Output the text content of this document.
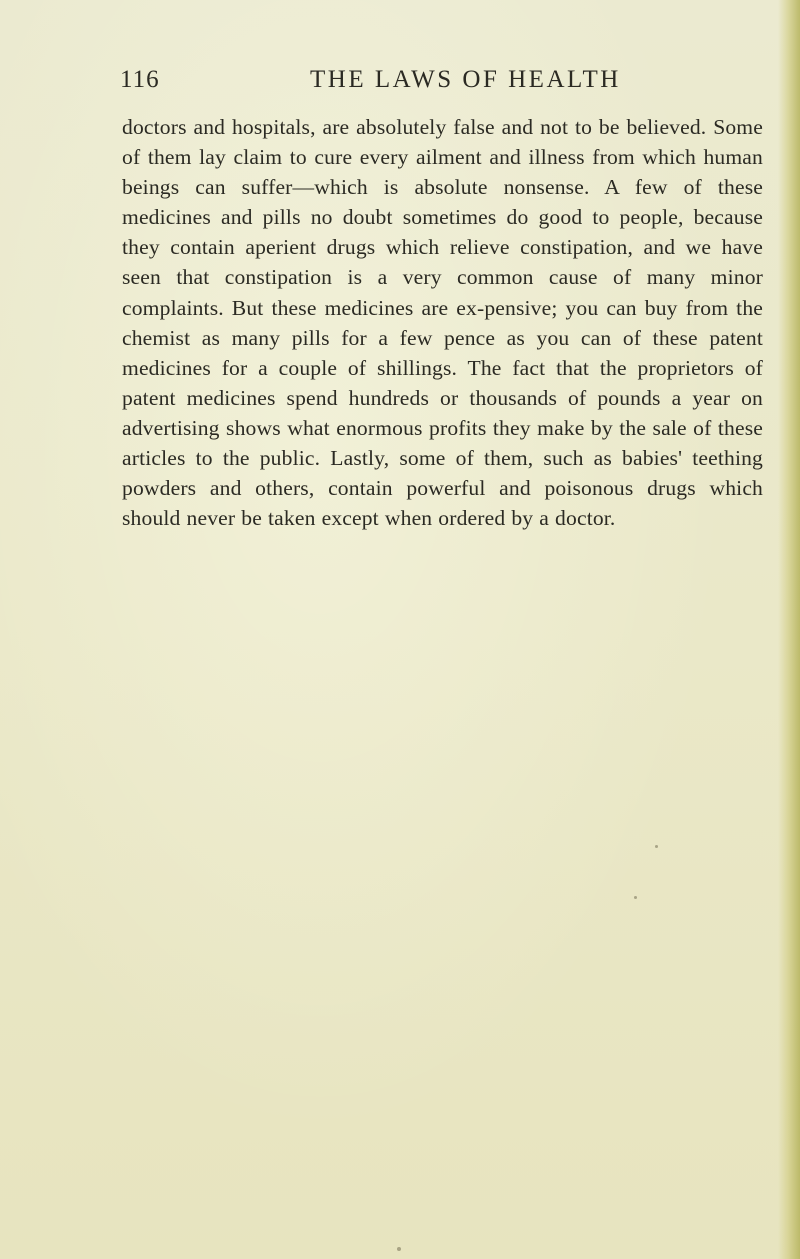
116	THE LAWS OF HEALTH

doctors and hospitals, are absolutely false and not to be believed. Some of them lay claim to cure every ailment and illness from which human beings can suffer—which is absolute nonsense. A few of these medicines and pills no doubt sometimes do good to people, because they contain aperient drugs which relieve constipation, and we have seen that constipation is a very common cause of many minor complaints. But these medicines are ex-pensive; you can buy from the chemist as many pills for a few pence as you can of these patent medicines for a couple of shillings. The fact that the proprietors of patent medicines spend hundreds or thousands of pounds a year on advertising shows what enormous profits they make by the sale of these articles to the public. Lastly, some of them, such as babies' teething powders and others, contain powerful and poisonous drugs which should never be taken except when ordered by a doctor.
